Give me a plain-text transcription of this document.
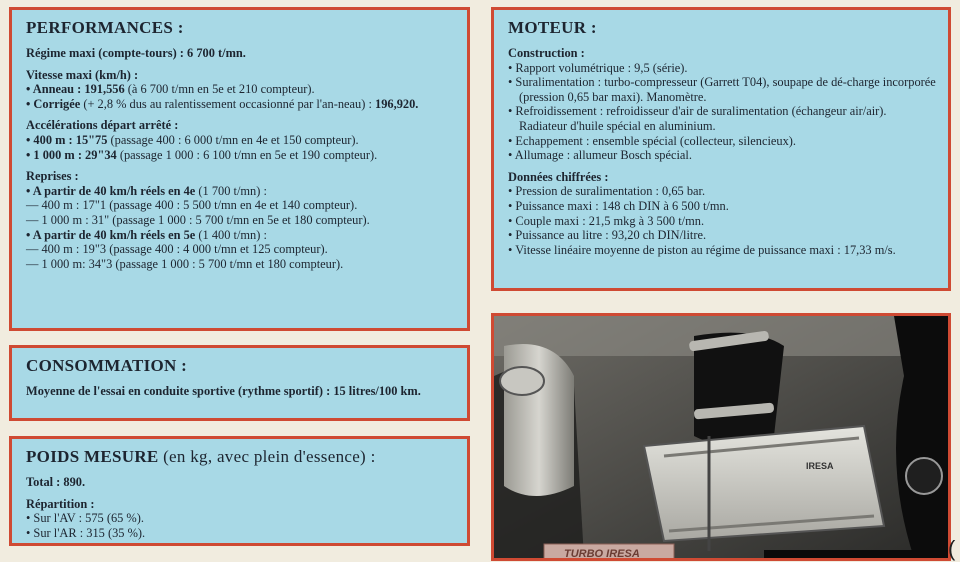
PERFORMANCES :

Régime maxi (compte-tours) : 6 700 t/mn.

Vitesse maxi (km/h) :

• Anneau : 191,556 (à 6 700 t/mn en 5e et 210 compteur).

• Corrigée (+ 2,8 % dus au ralentissement occasionné par l'an-neau) : 196,920.

Accélérations départ arrêté :

• 400 m : 15"75 (passage 400 : 6 000 t/mn en 4e et 150 compteur).

• 1 000 m : 29"34 (passage 1 000 : 6 100 t/mn en 5e et 190 compteur).

Reprises :

• A partir de 40 km/h réels en 4e (1 700 t/mn) :

— 400 m : 17"1 (passage 400 : 5 500 t/mn en 4e et 140 compteur).

— 1 000 m : 31" (passage 1 000 : 5 700 t/mn en 5e et 180 compteur).

• A partir de 40 km/h réels en 5e (1 400 t/mn) :

— 400 m : 19"3 (passage 400 : 4 000 t/mn et 125 compteur).

— 1 000 m: 34"3 (passage 1 000 : 5 700 t/mn et 180 compteur).

CONSOMMATION :

Moyenne de l'essai en conduite sportive (rythme sportif) : 15 litres/100 km.

POIDS MESURE (en kg, avec plein d'essence) :

Total : 890.

Répartition :

• Sur l'AV : 575 (65 %).

• Sur l'AR : 315 (35 %).

MOTEUR :

Construction :

• Rapport volumétrique : 9,5 (série).

• Suralimentation : turbo-compresseur (Garrett T04), soupape de dé-charge incorporée (pression 0,65 bar maxi). Manomètre.

• Refroidissement : refroidisseur d'air de suralimentation (échangeur air/air). Radiateur d'huile spécial en aluminium.

• Echappement : ensemble spécial (collecteur, silencieux).

• Allumage : allumeur Bosch spécial.

Données chiffrées :

• Pression de suralimentation : 0,65 bar.

• Puissance maxi : 148 ch DIN à 6 500 t/mn.

• Couple maxi : 21,5 mkg à 3 500 t/mn.

• Puissance au litre : 93,20 ch DIN/litre.

• Vitesse linéaire moyenne de piston au régime de puissance maxi : 17,33 m/s.

IRESA
TURBO IRESA	(
